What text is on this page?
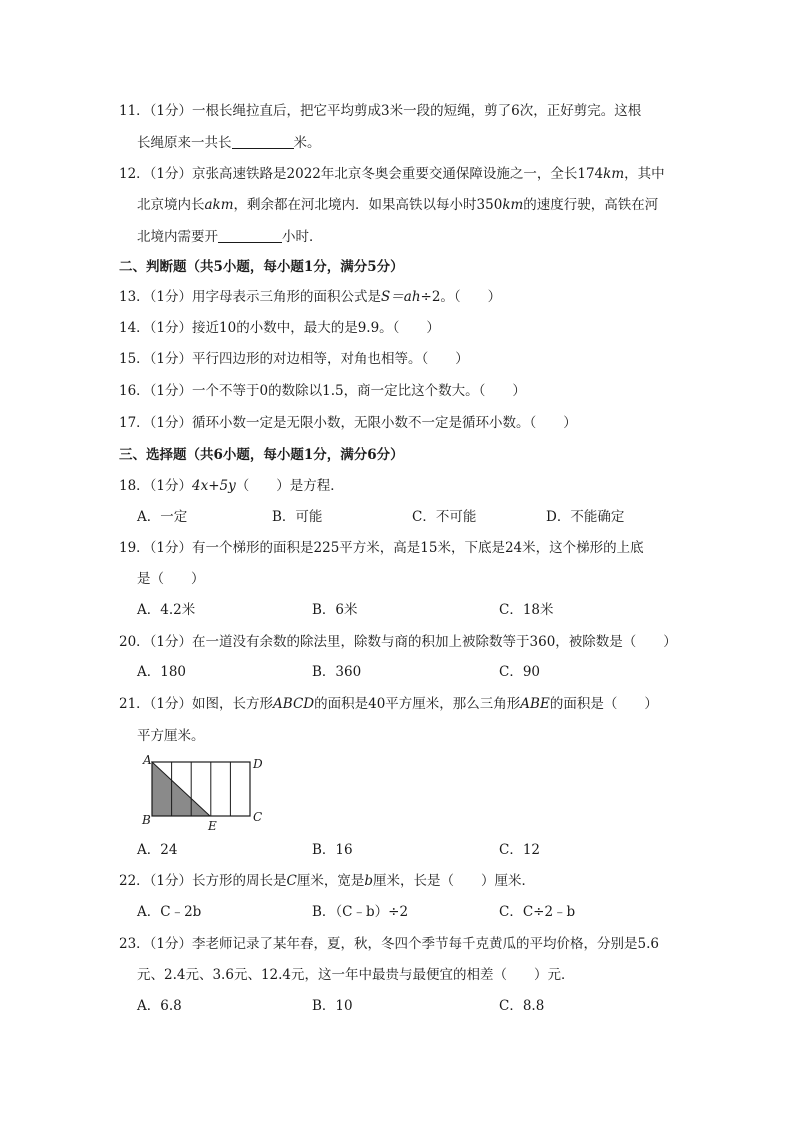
11．（1分）一根长绳拉直后，把它平均剪成3米一段的短绳，剪了6次，正好剪完。这根
长绳原来一共长	米。
12．（1分）京张高速铁路是2022年北京冬奥会重要交通保障设施之一，全长174km，其中
北京境内长akm，剩余都在河北境内．如果高铁以每小时350km的速度行驶，高铁在河
北境内需要开	小时．
二、判断题（共5小题，每小题1分，满分5分）
13．（1分）用字母表示三角形的面积公式是S＝ah÷2。（　　）
14．（1分）接近10的小数中，最大的是9.9。（　　）
15．（1分）平行四边形的对边相等，对角也相等。（　　）
16．（1分）一个不等于0的数除以1.5，商一定比这个数大。（　　）
17．（1分）循环小数一定是无限小数，无限小数不一定是循环小数。（　　）
三、选择题（共6小题，每小题1分，满分6分）
18．（1分）4x+5y（　　）是方程．
A．一定	B．可能	C．不可能	D．不能确定
19．（1分）有一个梯形的面积是225平方米，高是15米，下底是24米，这个梯形的上底
是（　　）
A．4.2米	B．6米	C．18米
20．（1分）在一道没有余数的除法里，除数与商的积加上被除数等于360，被除数是（　　）
A．180	B．360	C．90
21．（1分）如图，长方形ABCD的面积是40平方厘米，那么三角形ABE的面积是（　　）
平方厘米。
A	D
B	E
C
A．24	B．16	C．12
22．（1分）长方形的周长是C厘米，宽是b厘米，长是（　　）厘米．
A．C﹣2b	B．（C﹣b）÷2	C．C÷2﹣b
23．（1分）李老师记录了某年春，夏，秋，冬四个季节每千克黄瓜的平均价格，分别是5.6
元、2.4元、3.6元、12.4元，这一年中最贵与最便宜的相差（　　）元．
A．6.8	B．10	C．8.8
